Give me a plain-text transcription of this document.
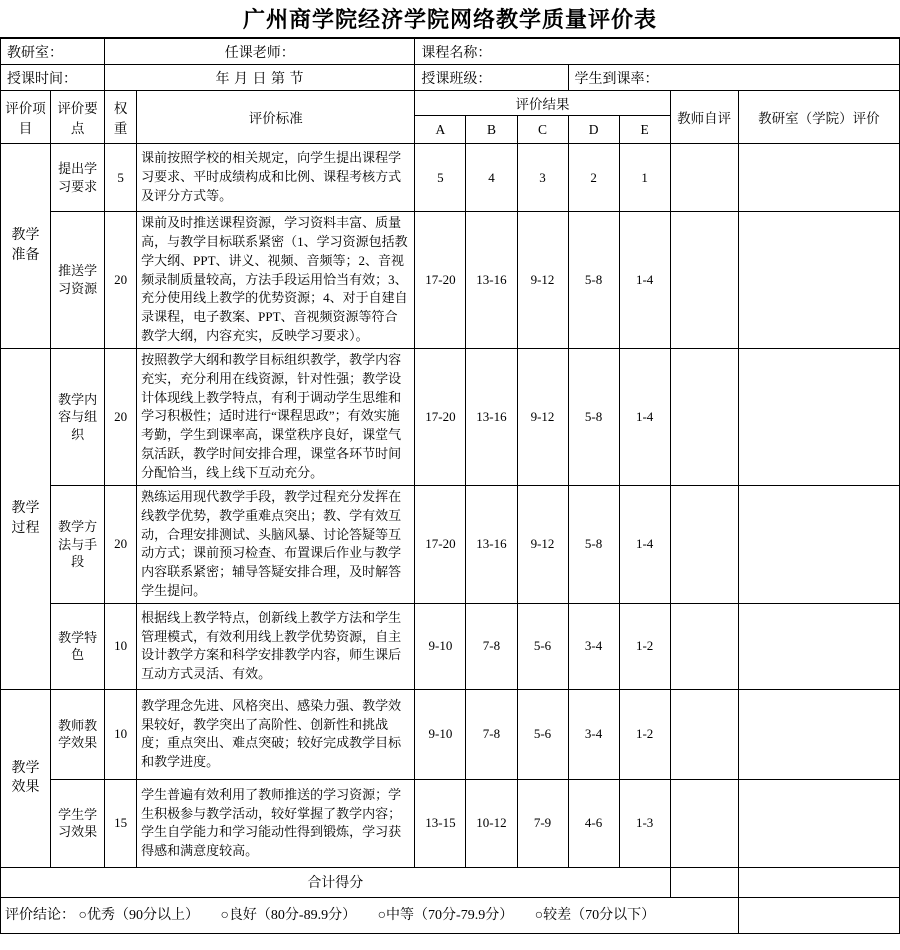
广州商学院经济学院网络教学质量评价表
教研室：		任课老师：		课程名称：						
授课时间：		年 月 日 第 节		授课班级：			学生到课率：			
评价项目	评价要点	权重	评价标准	评价结果					教师自评	教研室（学院）评价
				A	B	C	D	E		
教学准备	提出学习要求	5	课前按照学校的相关规定，向学生提出课程学习要求、平时成绩构成和比例、课程考核方式及评分方式等。	5	4	3	2	1		
	推送学习资源	20	课前及时推送课程资源，学习资料丰富、质量高，与教学目标联系紧密（1、学习资源包括教学大纲、PPT、讲义、视频、音频等；2、音视频录制质量较高，方法手段运用恰当有效；3、充分使用线上教学的优势资源；4、对于自建自录课程，电子教案、PPT、音视频资源等符合教学大纲，内容充实，反映学习要求）。	17-20	13-16	9-12	5-8	1-4		
教学过程	教学内容与组织	20	按照教学大纲和教学目标组织教学，教学内容充实，充分利用在线资源，针对性强；教学设计体现线上教学特点，有利于调动学生思维和学习积极性；适时进行“课程思政”；有效实施考勤，学生到课率高，课堂秩序良好，课堂气氛活跃，教学时间安排合理，课堂各环节时间分配恰当，线上线下互动充分。	17-20	13-16	9-12	5-8	1-4		
	教学方法与手段	20	熟练运用现代教学手段，教学过程充分发挥在线教学优势，教学重难点突出；教、学有效互动，合理安排测试、头脑风暴、讨论答疑等互动方式；课前预习检查、布置课后作业与教学内容联系紧密；辅导答疑安排合理，及时解答学生提问。	17-20	13-16	9-12	5-8	1-4		
	教学特色	10	根据线上教学特点，创新线上教学方法和学生管理模式，有效利用线上教学优势资源，自主设计教学方案和科学安排教学内容，师生课后互动方式灵活、有效。	9-10	7-8	5-6	3-4	1-2		
教学效果	教师教学效果	10	教学理念先进、风格突出、感染力强、教学效果较好，教学突出了高阶性、创新性和挑战度；重点突出、难点突破；较好完成教学目标和教学进度。	9-10	7-8	5-6	3-4	1-2		
	学生学习效果	15	学生普遍有效利用了教师推送的学习资源；学生积极参与教学活动，较好掌握了教学内容；学生自学能力和学习能动性得到锻炼，学习获得感和满意度较高。	13-15	10-12	7-9	4-6	1-3		
合计得分										
评价结论： ○优秀（90分以上） ○良好（80分-89.9分） ○中等（70分-79.9分） ○较差（70分以下）										
